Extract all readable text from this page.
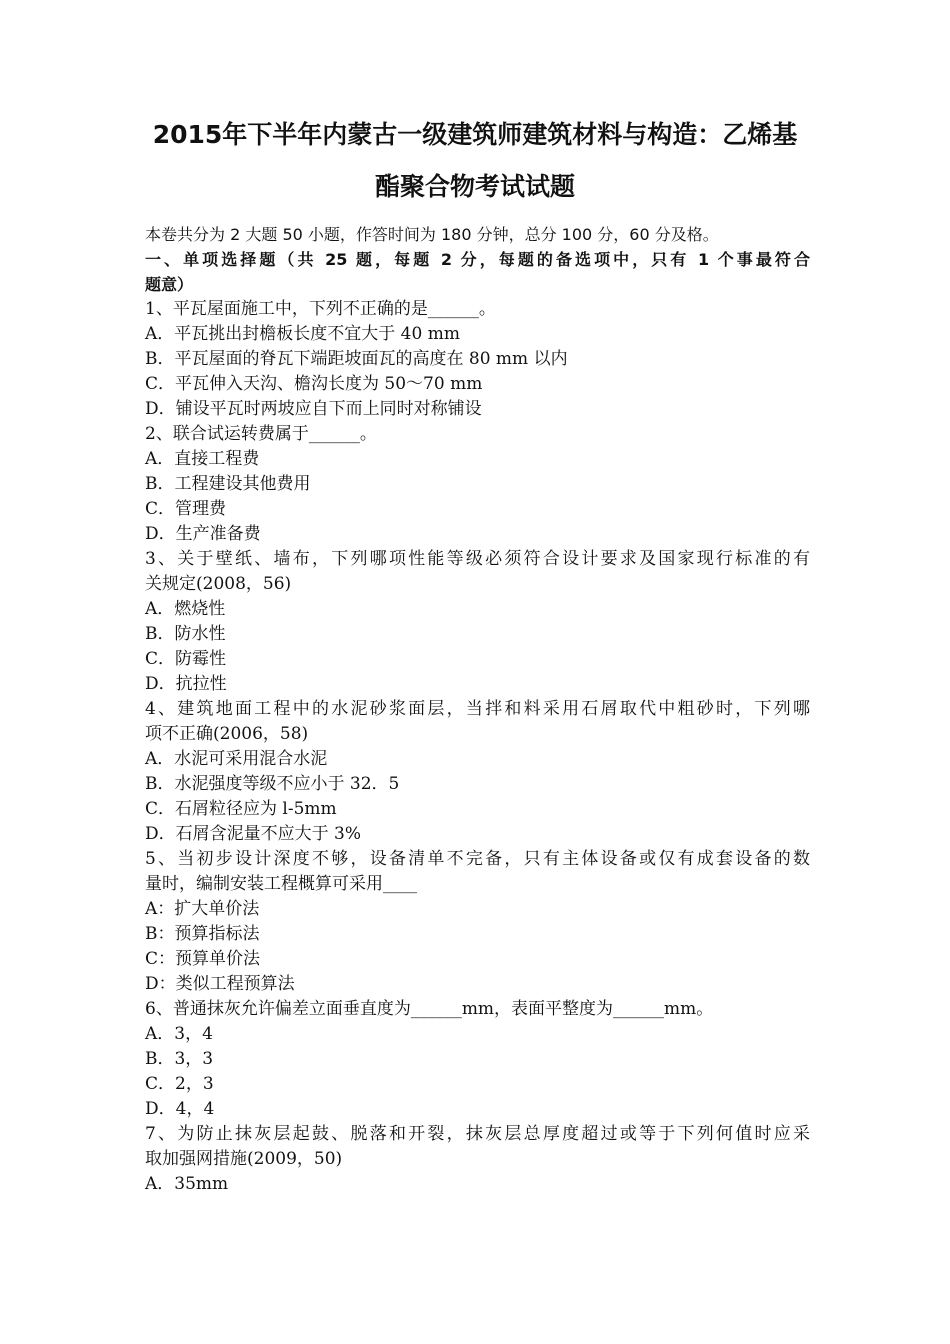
2015年下半年内蒙古一级建筑师建筑材料与构造：乙烯基
酯聚合物考试试题
本卷共分为 2 大题 50 小题，作答时间为 180 分钟，总分 100 分，60 分及格。
一、单项选择题（共 25 题，每题 2 分，每题的备选项中，只有 1 个事最符合
题意）
1、平瓦屋面施工中，下列不正确的是______。
A．平瓦挑出封檐板长度不宜大于 40 mm
B．平瓦屋面的脊瓦下端距坡面瓦的高度在 80 mm 以内
C．平瓦伸入天沟、檐沟长度为 50～70 mm
D．铺设平瓦时两坡应自下而上同时对称铺设
2、联合试运转费属于______。
A．直接工程费
B．工程建设其他费用
C．管理费
D．生产准备费
3、关于壁纸、墙布，下列哪项性能等级必须符合设计要求及国家现行标准的有
关规定(2008，56)
A．燃烧性
B．防水性
C．防霉性
D．抗拉性
4、建筑地面工程中的水泥砂浆面层，当拌和料采用石屑取代中粗砂时，下列哪
项不正确(2006，58)
A．水泥可采用混合水泥
B．水泥强度等级不应小于 32．5
C．石屑粒径应为 l-5mm
D．石屑含泥量不应大于 3%
5、当初步设计深度不够，设备清单不完备，只有主体设备或仅有成套设备的数
量时，编制安装工程概算可采用____
A：扩大单价法
B：预算指标法
C：预算单价法
D：类似工程预算法
6、普通抹灰允许偏差立面垂直度为______mm，表面平整度为______mm。
A．3，4
B．3，3
C．2，3
D．4，4
7、为防止抹灰层起鼓、脱落和开裂，抹灰层总厚度超过或等于下列何值时应采
取加强网措施(2009，50)
A．35mm
